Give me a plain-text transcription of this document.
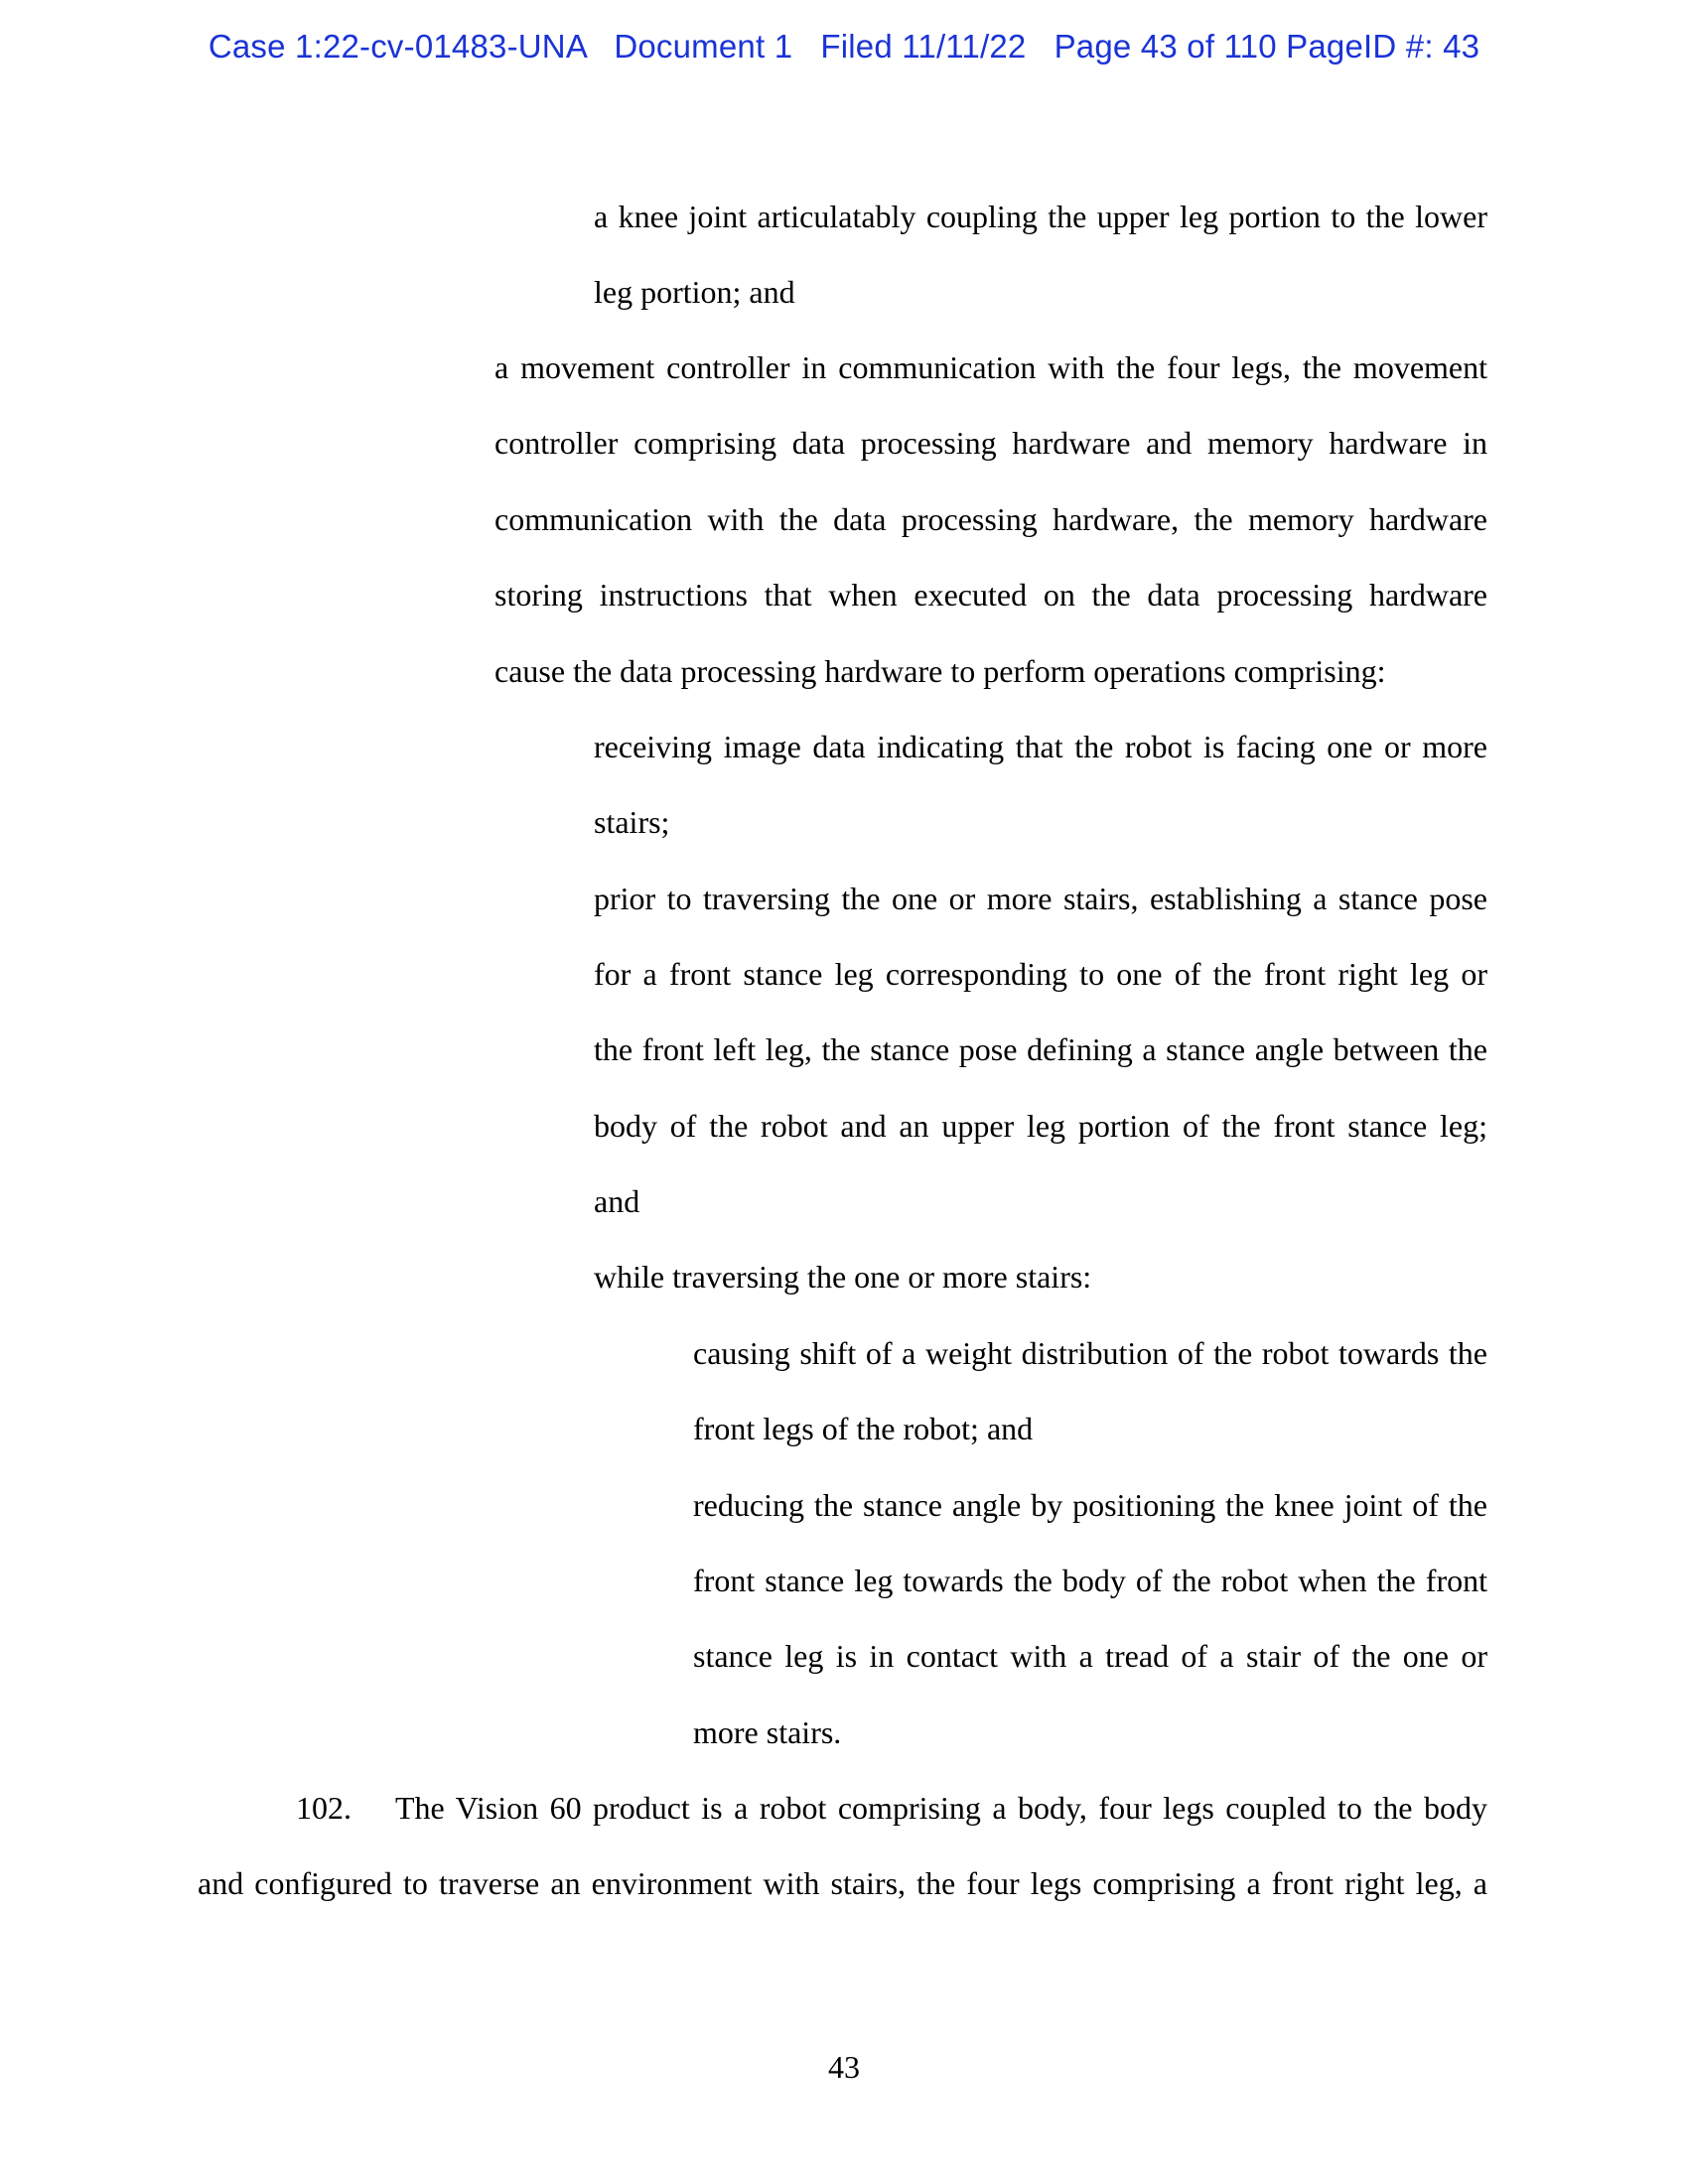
Case 1:22-cv-01483-UNA Document 1 Filed 11/11/22 Page 43 of 110 PageID #: 43
a knee joint articulatably coupling the upper leg portion to the lower
leg portion; and
a movement controller in communication with the four legs, the movement
controller comprising data processing hardware and memory hardware in
communication with the data processing hardware, the memory hardware
storing instructions that when executed on the data processing hardware
cause the data processing hardware to perform operations comprising:
receiving image data indicating that the robot is facing one or more
stairs;
prior to traversing the one or more stairs, establishing a stance pose
for a front stance leg corresponding to one of the front right leg or
the front left leg, the stance pose defining a stance angle between the
body of the robot and an upper leg portion of the front stance leg;
and
while traversing the one or more stairs:
causing shift of a weight distribution of the robot towards the
front legs of the robot; and
reducing the stance angle by positioning the knee joint of the
front stance leg towards the body of the robot when the front
stance leg is in contact with a tread of a stair of the one or
more stairs.
102. The Vision 60 product is a robot comprising a body, four legs coupled to the body
and configured to traverse an environment with stairs, the four legs comprising a front right leg, a
43
